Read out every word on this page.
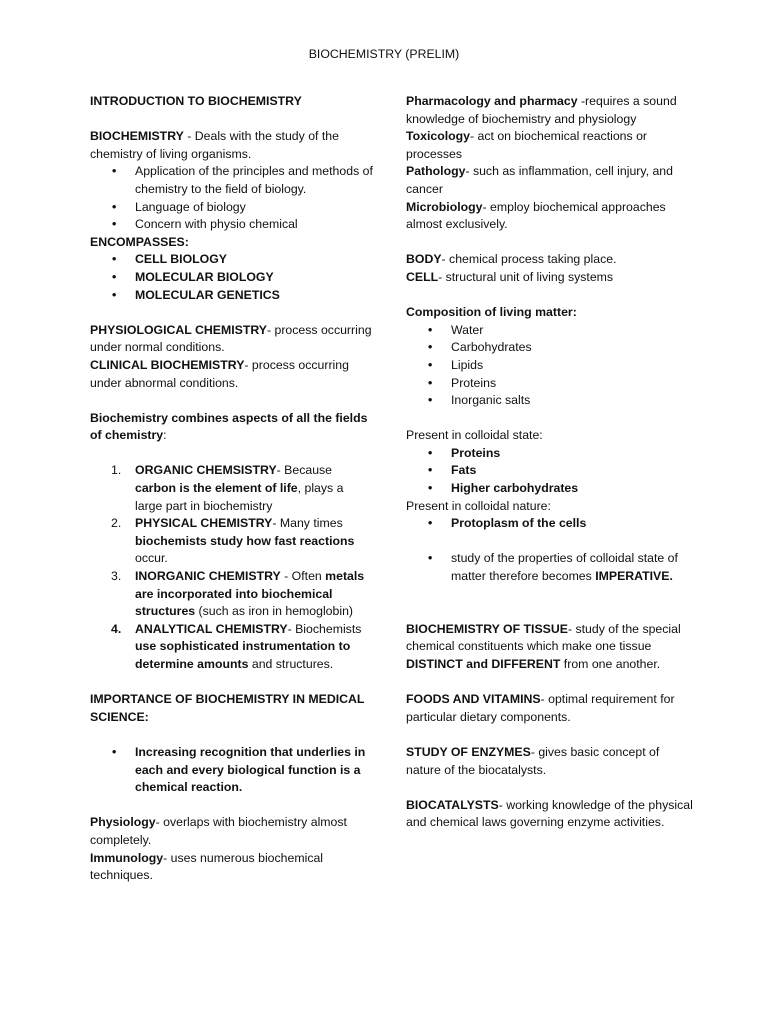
BIOCHEMISTRY (PRELIM)

INTRODUCTION TO BIOCHEMISTRY

BIOCHEMISTRY - Deals with the study of the chemistry of living organisms.

• Application of the principles and methods of chemistry to the field of biology.
• Language of biology
• Concern with physio chemical

ENCOMPASSES:

• CELL BIOLOGY
• MOLECULAR BIOLOGY
• MOLECULAR GENETICS

PHYSIOLOGICAL CHEMISTRY- process occurring under normal conditions.

CLINICAL BIOCHEMISTRY- process occurring under abnormal conditions.

Biochemistry combines aspects of all the fields of chemistry:

1. ORGANIC CHEMSISTRY- Because carbon is the element of life, plays a large part in biochemistry
2. PHYSICAL CHEMISTRY- Many times biochemists study how fast reactions occur.
3. INORGANIC CHEMISTRY - Often metals are incorporated into biochemical structures (such as iron in hemoglobin)
4. ANALYTICAL CHEMISTRY- Biochemists use sophisticated instrumentation to determine amounts and structures.

IMPORTANCE OF BIOCHEMISTRY IN MEDICAL SCIENCE:

• Increasing recognition that underlies in each and every biological function is a chemical reaction.

Physiology- overlaps with biochemistry almost completely.

Immunology- uses numerous biochemical techniques.

Pharmacology and pharmacy -requires a sound knowledge of biochemistry and physiology

Toxicology- act on biochemical reactions or processes

Pathology- such as inflammation, cell injury, and cancer

Microbiology- employ biochemical approaches almost exclusively.

BODY- chemical process taking place.

CELL- structural unit of living systems

Composition of living matter:

• Water
• Carbohydrates
• Lipids
• Proteins
• Inorganic salts

Present in colloidal state:

• Proteins
• Fats
• Higher carbohydrates

Present in colloidal nature:

• Protoplasm of the cells
• study of the properties of colloidal state of matter therefore becomes IMPERATIVE.

BIOCHEMISTRY OF TISSUE- study of the special chemical constituents which make one tissue DISTINCT and DIFFERENT from one another.

FOODS AND VITAMINS- optimal requirement for particular dietary components.

STUDY OF ENZYMES- gives basic concept of nature of the biocatalysts.

BIOCATALYSTS- working knowledge of the physical and chemical laws governing enzyme activities.
